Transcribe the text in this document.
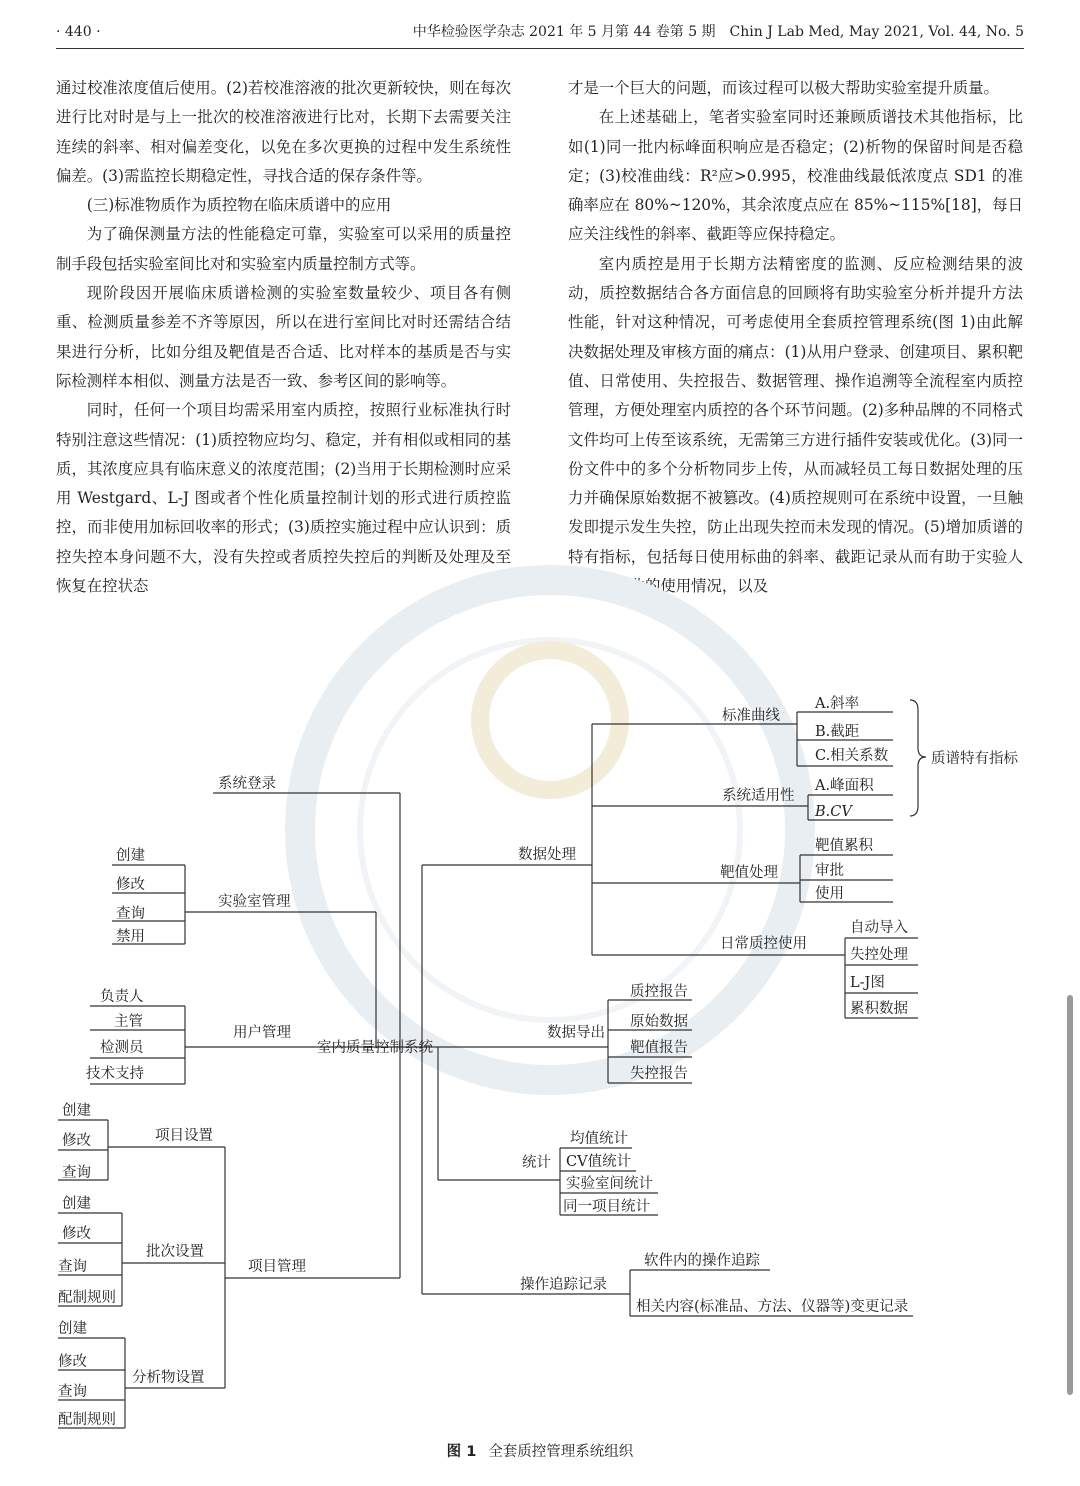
· 440 ·	中华检验医学杂志 2021 年 5 月第 44 卷第 5 期　Chin J Lab Med, May 2021, Vol. 44, No. 5

通过校准浓度值后使用。(2)若校准溶液的批次更新较快，则在每次进行比对时是与上一批次的校准溶液进行比对，长期下去需要关注连续的斜率、相对偏差变化，以免在多次更换的过程中发生系统性偏差。(3)需监控长期稳定性，寻找合适的保存条件等。

(三)标准物质作为质控物在临床质谱中的应用

为了确保测量方法的性能稳定可靠，实验室可以采用的质量控制手段包括实验室间比对和实验室内质量控制方式等。

现阶段因开展临床质谱检测的实验室数量较少、项目各有侧重、检测质量参差不齐等原因，所以在进行室间比对时还需结合结果进行分析，比如分组及靶值是否合适、比对样本的基质是否与实际检测样本相似、测量方法是否一致、参考区间的影响等。

同时，任何一个项目均需采用室内质控，按照行业标准执行时特别注意这些情况：(1)质控物应均匀、稳定，并有相似或相同的基质，其浓度应具有临床意义的浓度范围；(2)当用于长期检测时应采用 Westgard、L-J 图或者个性化质量控制计划的形式进行质控监控，而非使用加标回收率的形式；(3)质控实施过程中应认识到：质控失控本身问题不大，没有失控或者质控失控后的判断及处理及至恢复在控状态

才是一个巨大的问题，而该过程可以极大帮助实验室提升质量。

在上述基础上，笔者实验室同时还兼顾质谱技术其他指标，比如(1)同一批内标峰面积响应是否稳定；(2)析物的保留时间是否稳定；(3)校准曲线：R²应>0.995，校准曲线最低浓度点 SD1 的准确率应在 80%~120%，其余浓度点应在 85%~115%[18]，每日应关注线性的斜率、截距等应保持稳定。

室内质控是用于长期方法精密度的监测、反应检测结果的波动，质控数据结合各方面信息的回顾将有助实验室分析并提升方法性能，针对这种情况，可考虑使用全套质控管理系统(图 1)由此解决数据处理及审核方面的痛点：(1)从用户登录、创建项目、累积靶值、日常使用、失控报告、数据管理、操作追溯等全流程室内质控管理，方便处理室内质控的各个环节问题。(2)多种品牌的不同格式文件均可上传至该系统，无需第三方进行插件安装或优化。(3)同一份文件中的多个分析物同步上传，从而减轻员工每日数据处理的压力并确保原始数据不被篡改。(4)质控规则可在系统中设置，一旦触发即提示发生失控，防止出现失控而未发现的情况。(5)增加质谱的特有指标，包括每日使用标曲的斜率、截距记录从而有助于实验人员关注标曲的使用情况，以及

室内质量控制系统
系统登录
实验室管理
创建
修改
查询
禁用
用户管理
负责人
主管
检测员
技术支持
项目管理
项目设置
创建
修改
查询
批次设置
创建
修改
查询
配制规则
分析物设置
创建
修改
查询
配制规则
数据处理
标准曲线
A.斜率
B.截距
C.相关系数
系统适用性
A.峰面积
B.CV
质谱特有指标
靶值处理
靶值累积
审批
使用
日常质控使用
自动导入
失控处理
L-J图
累积数据
数据导出
质控报告
原始数据
靶值报告
失控报告
统计
均值统计
CV值统计
实验室间统计
同一项目统计
操作追踪记录
软件内的操作追踪
相关内容(标准品、方法、仪器等)变更记录
图 1 全套质控管理系统组织
